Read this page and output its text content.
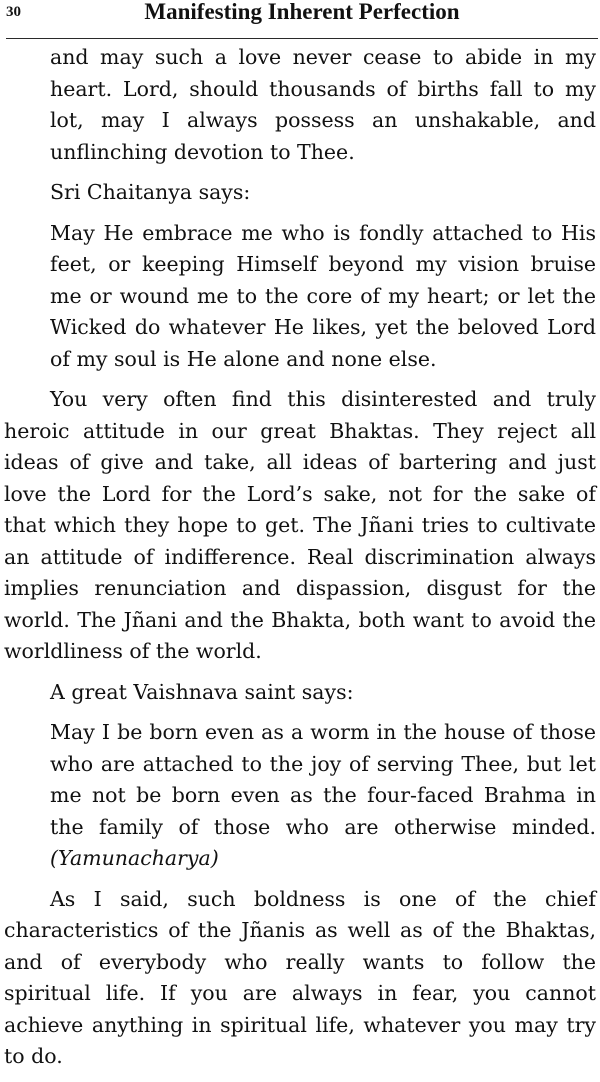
30	Manifesting Inherent Perfection

and may such a love never cease to abide in my heart. Lord, should thousands of births fall to my lot, may I always possess an unshakable, and unflinching devotion to Thee.

Sri Chaitanya says:

May He embrace me who is fondly attached to His feet, or keeping Himself beyond my vision bruise me or wound me to the core of my heart; or let the Wicked do whatever He likes, yet the beloved Lord of my soul is He alone and none else.

You very often find this disinterested and truly heroic attitude in our great Bhaktas. They reject all ideas of give and take, all ideas of bartering and just love the Lord for the Lord’s sake, not for the sake of that which they hope to get. The Jñani tries to cultivate an attitude of indifference. Real discrimination always implies renunciation and dispassion, disgust for the world. The Jñani and the Bhakta, both want to avoid the worldliness of the world.

A great Vaishnava saint says:

May I be born even as a worm in the house of those who are attached to the joy of serving Thee, but let me not be born even as the four-faced Brahma in the family of those who are otherwise minded. (Yamunacharya)

As I said, such boldness is one of the chief characteristics of the Jñanis as well as of the Bhaktas, and of everybody who really wants to follow the spiritual life. If you are always in fear, you cannot achieve anything in spiritual life, whatever you may try to do.
